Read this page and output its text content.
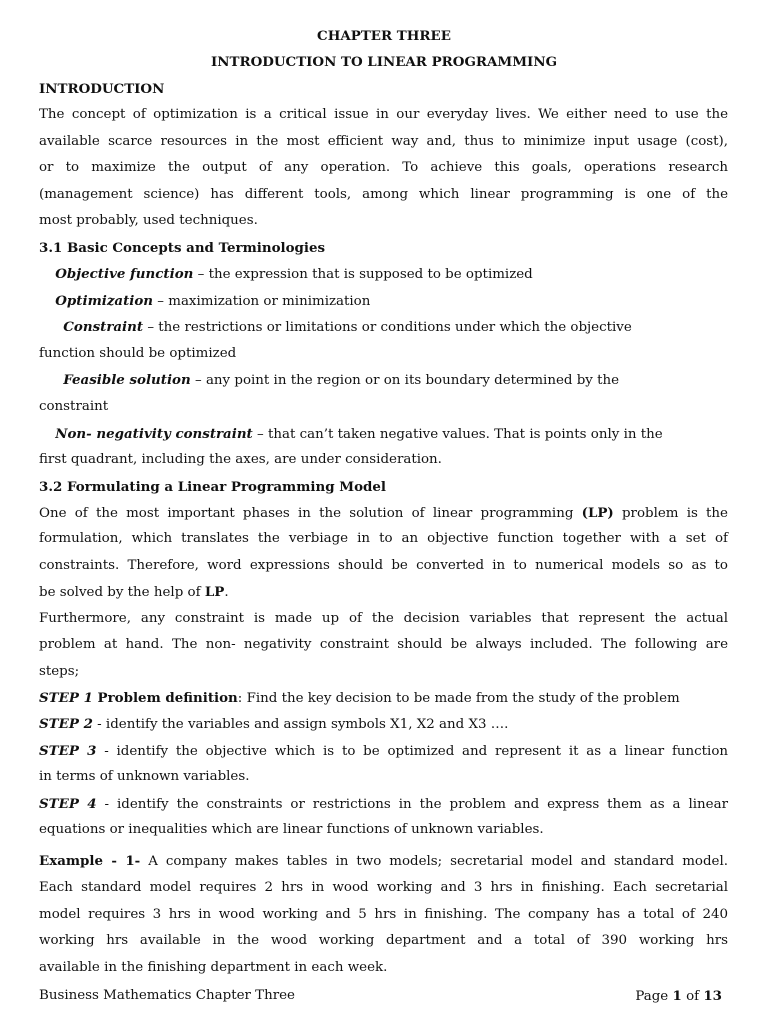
CHAPTER THREE
INTRODUCTION TO LINEAR PROGRAMMING
INTRODUCTION
The concept of optimization is a critical issue in our everyday lives. We either need to use the
available scarce resources in the most efficient way and, thus to minimize input usage (cost),
or to maximize the output of any operation. To achieve this goals, operations research
(management science) has different tools, among which linear programming is one of the
most probably, used techniques.
3.1 Basic Concepts and Terminologies
Objective function – the expression that is supposed to be optimized
Optimization – maximization or minimization
Constraint – the restrictions or limitations or conditions under which the objective
function should be optimized
Feasible solution – any point in the region or on its boundary determined by the
constraint
Non- negativity constraint – that can’t taken negative values. That is points only in the
first quadrant, including the axes, are under consideration.
3.2 Formulating a Linear Programming Model
One of the most important phases in the solution of linear programming (LP) problem is the
formulation, which translates the verbiage in to an objective function together with a set of
constraints. Therefore, word expressions should be converted in to numerical models so as to
be solved by the help of LP.
Furthermore, any constraint is made up of the decision variables that represent the actual
problem at hand. The non- negativity constraint should be always included. The following are
steps;
STEP 1 Problem definition: Find the key decision to be made from the study of the problem
STEP 2 - identify the variables and assign symbols X1, X2 and X3 ….
STEP 3 - identify the objective which is to be optimized and represent it as a linear function
in terms of unknown variables.
STEP 4 - identify the constraints or restrictions in the problem and express them as a linear
equations or inequalities which are linear functions of unknown variables.
Example - 1- A company makes tables in two models; secretarial model and standard model.
Each standard model requires 2 hrs in wood working and 3 hrs in finishing. Each secretarial
model requires 3 hrs in wood working and 5 hrs in finishing. The company has a total of 240
working hrs available in the wood working department and a total of 390 working hrs
available in the finishing department in each week.
Business Mathematics Chapter Three	Page 1 of 13
